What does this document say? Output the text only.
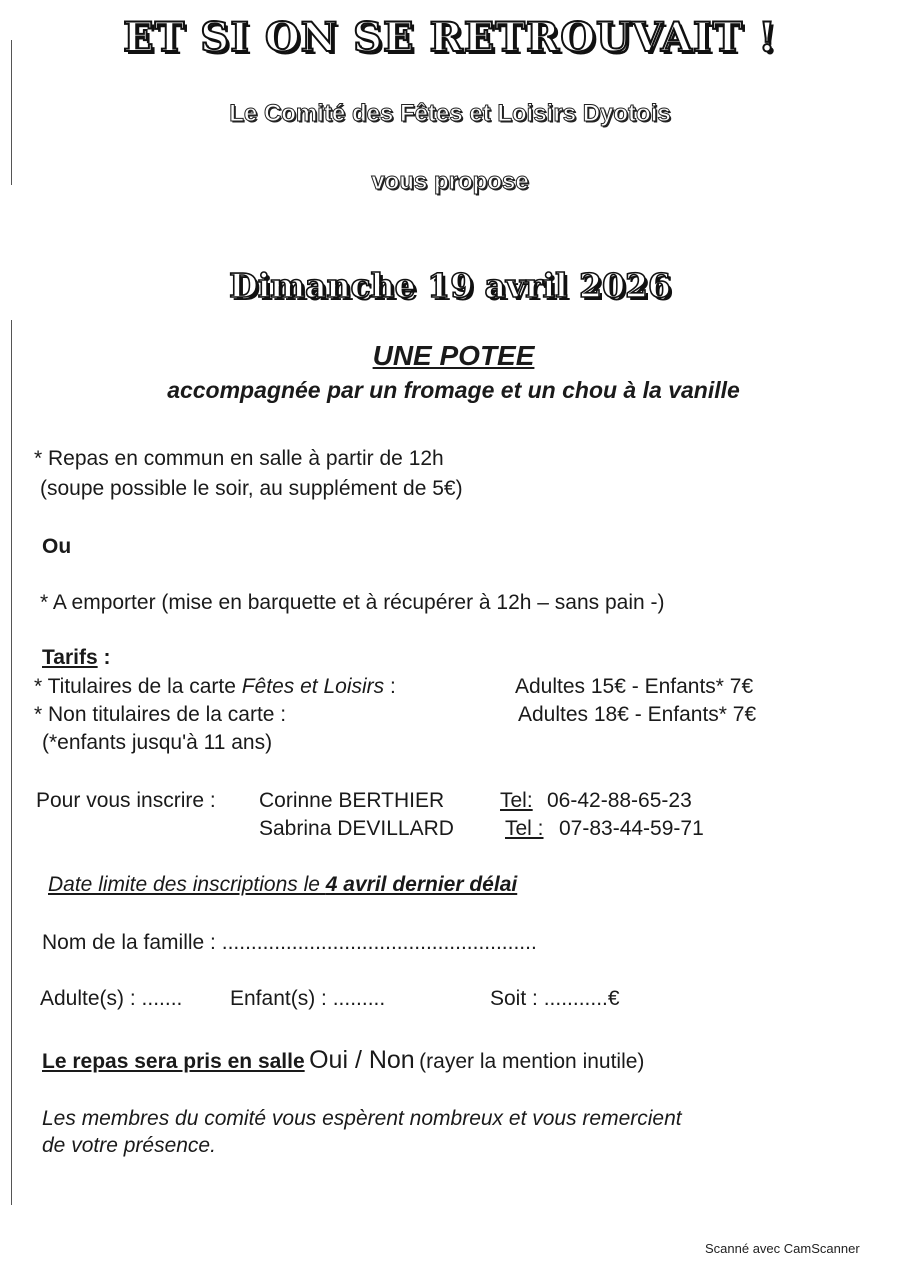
ET SI ON SE RETROUVAIT !
Le Comité des Fêtes et Loisirs Dyotois
vous propose
Dimanche 19 avril 2026
UNE POTEE
accompagnée par un fromage et un chou à la vanille
* Repas en commun en salle à partir de 12h
(soupe possible le soir, au supplément de 5€)
Ou
* A emporter (mise en barquette et à récupérer à 12h – sans pain -)
Tarifs :
* Titulaires de la carte Fêtes et Loisirs :	Adultes 15€ - Enfants* 7€
* Non titulaires de la carte :	Adultes 18€ - Enfants* 7€
(*enfants jusqu'à 11 ans)
Pour vous inscrire : Corinne BERTHIER	Tel: 06-42-88-65-23
Sabrina DEVILLARD Tel : 07-83-44-59-71
Date limite des inscriptions le 4 avril dernier délai
Nom de la famille : ......................................................
Adulte(s) : ....... Enfant(s) : .........	Soit : ...........€
Le repas sera pris en salle Oui / Non (rayer la mention inutile)
Les membres du comité vous espèrent nombreux et vous remercient
de votre présence.
Scanné avec CamScanner
